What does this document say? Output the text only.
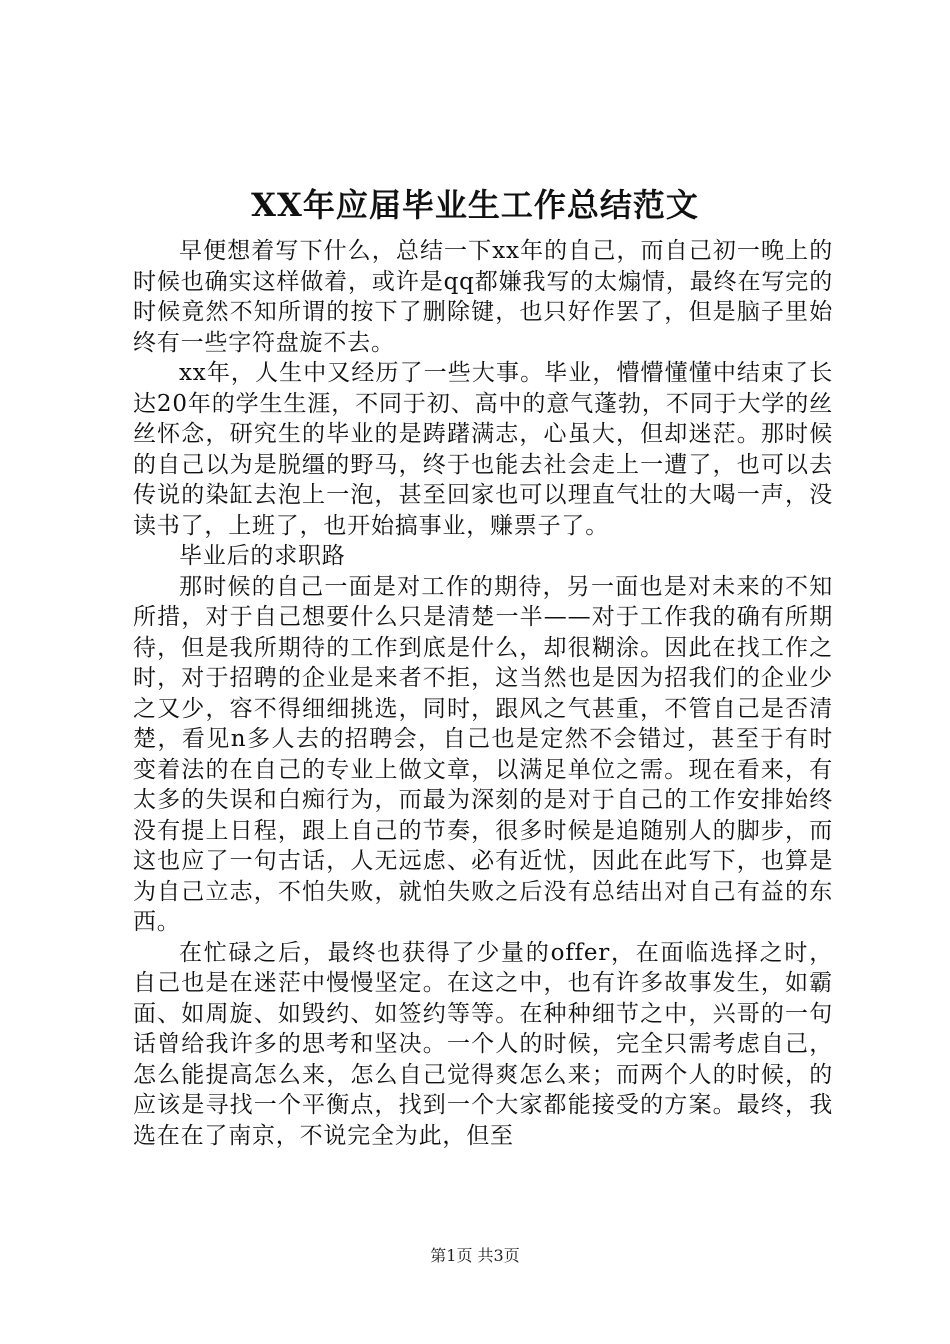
XX年应届毕业生工作总结范文

早便想着写下什么，总结一下xx年的自己，而自己初一晚上的时候也确实这样做着，或许是qq都嫌我写的太煽情，最终在写完的时候竟然不知所谓的按下了删除键，也只好作罢了，但是脑子里始终有一些字符盘旋不去。

xx年，人生中又经历了一些大事。毕业，懵懵懂懂中结束了长达20年的学生生涯，不同于初、高中的意气蓬勃，不同于大学的丝丝怀念，研究生的毕业的是踌躇满志，心虽大，但却迷茫。那时候的自己以为是脱缰的野马，终于也能去社会走上一遭了，也可以去传说的染缸去泡上一泡，甚至回家也可以理直气壮的大喝一声，没读书了，上班了，也开始搞事业，赚票子了。

毕业后的求职路

那时候的自己一面是对工作的期待，另一面也是对未来的不知所措，对于自己想要什么只是清楚一半——对于工作我的确有所期待，但是我所期待的工作到底是什么，却很糊涂。因此在找工作之时，对于招聘的企业是来者不拒，这当然也是因为招我们的企业少之又少，容不得细细挑选，同时，跟风之气甚重，不管自己是否清楚，看见n多人去的招聘会，自己也是定然不会错过，甚至于有时变着法的在自己的专业上做文章，以满足单位之需。现在看来，有太多的失误和白痴行为，而最为深刻的是对于自己的工作安排始终没有提上日程，跟上自己的节奏，很多时候是追随别人的脚步，而这也应了一句古话，人无远虑、必有近忧，因此在此写下，也算是为自己立志，不怕失败，就怕失败之后没有总结出对自己有益的东西。

在忙碌之后，最终也获得了少量的offer，在面临选择之时，自己也是在迷茫中慢慢坚定。在这之中，也有许多故事发生，如霸面、如周旋、如毁约、如签约等等。在种种细节之中，兴哥的一句话曾给我许多的思考和坚决。一个人的时候，完全只需考虑自己，怎么能提高怎么来，怎么自己觉得爽怎么来；而两个人的时候，的应该是寻找一个平衡点，找到一个大家都能接受的方案。最终，我选在在了南京，不说完全为此，但至

第1页 共3页
